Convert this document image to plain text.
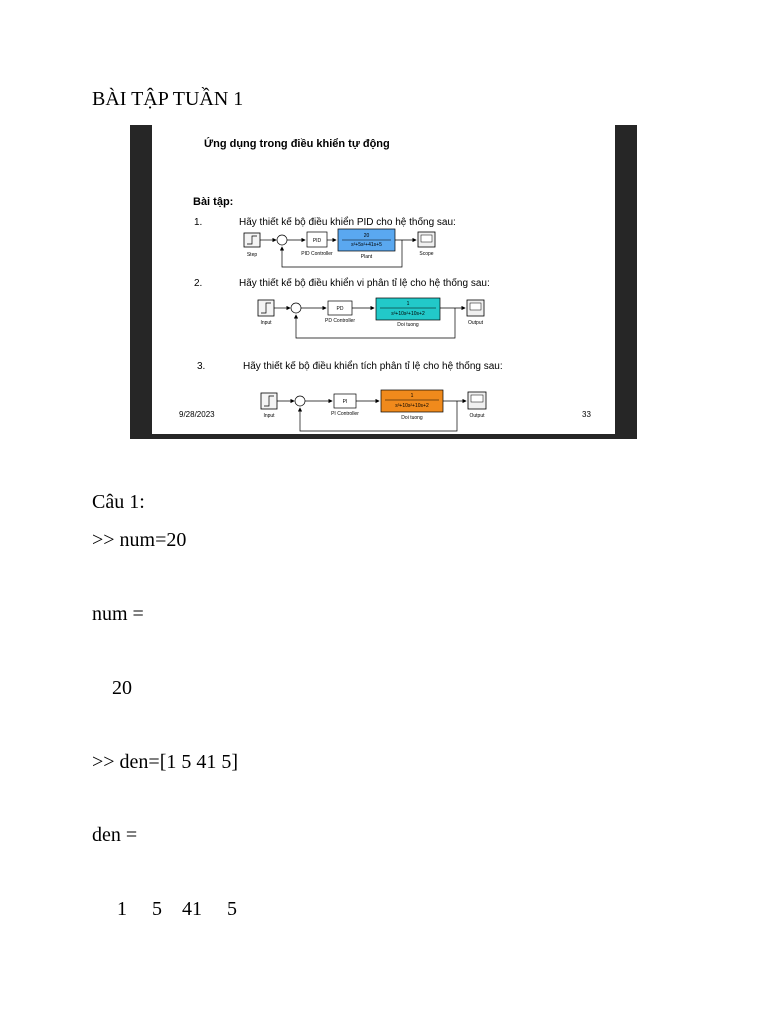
BÀI TẬP TUẦN 1
Ứng dụng trong điều khiển tự động
Bài tập:
9/28/2023	33
1.	Hãy thiết kế bộ điều khiển PID cho hệ thống sau:
Step
PID
PID Controller
20
s³+5s²+41s+5
Plant	Scope
2.	Hãy thiết kế bộ điều khiển vi phân tỉ lệ cho hệ thống sau:
Input
PD
PD Controller
1
s³+10s²+10s+2
Doi tuong	Output
3.	Hãy thiết kế bộ điều khiển tích phân tỉ lệ cho hệ thống sau:
Input
PI
PI Controller
1
s³+10s²+10s+2
Doi tuong	Output
Câu 1:
>> num=20
num =
20
>> den=[1 5 41 5]
den =
1     5    41     5
